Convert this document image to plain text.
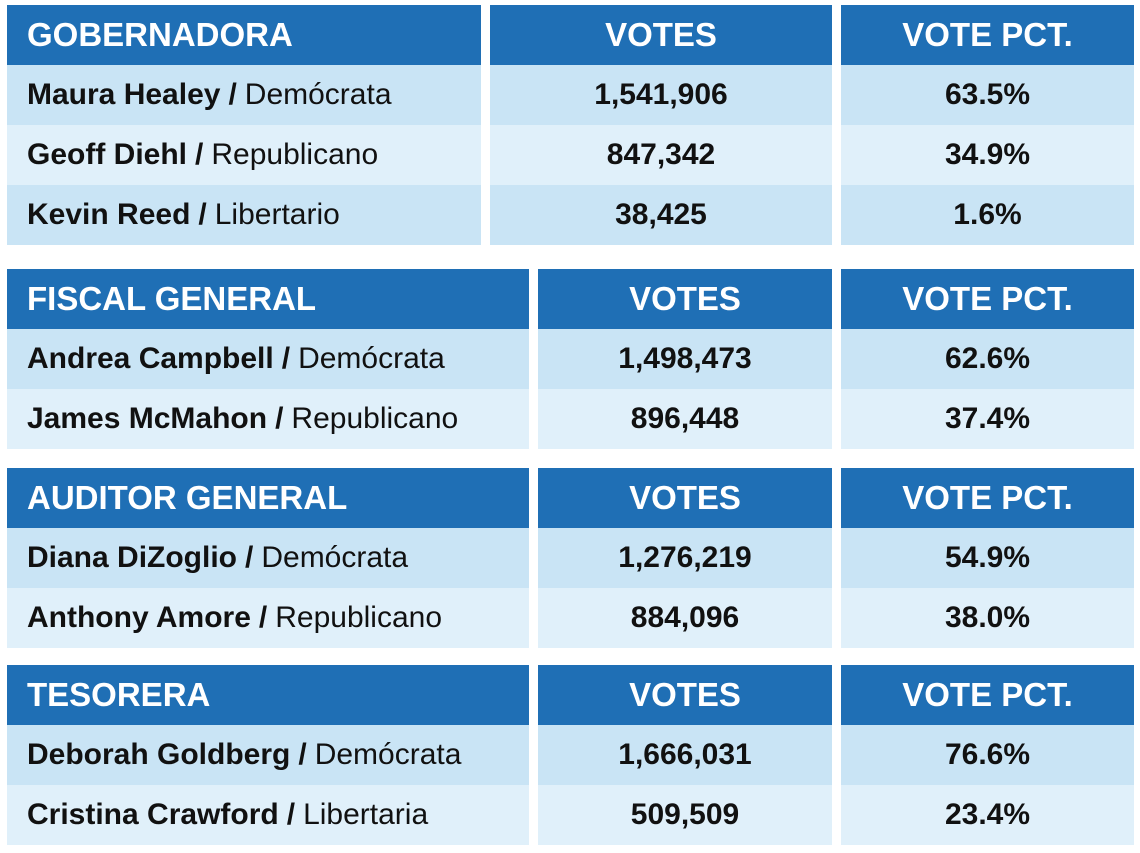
GOBERNADORA	VOTES	VOTE PCT.
Maura Healey / Demócrata	1,541,906	63.5%
Geoff Diehl / Republicano	847,342	34.9%
Kevin Reed / Libertario	38,425	1.6%
FISCAL GENERAL	VOTES	VOTE PCT.
Andrea Campbell / Demócrata	1,498,473	62.6%
James McMahon / Republicano	896,448	37.4%
AUDITOR GENERAL	VOTES	VOTE PCT.
Diana DiZoglio / Demócrata	1,276,219	54.9%
Anthony Amore / Republicano	884,096	38.0%
TESORERA	VOTES	VOTE PCT.
Deborah Goldberg / Demócrata	1,666,031	76.6%
Cristina Crawford / Libertaria	509,509	23.4%
